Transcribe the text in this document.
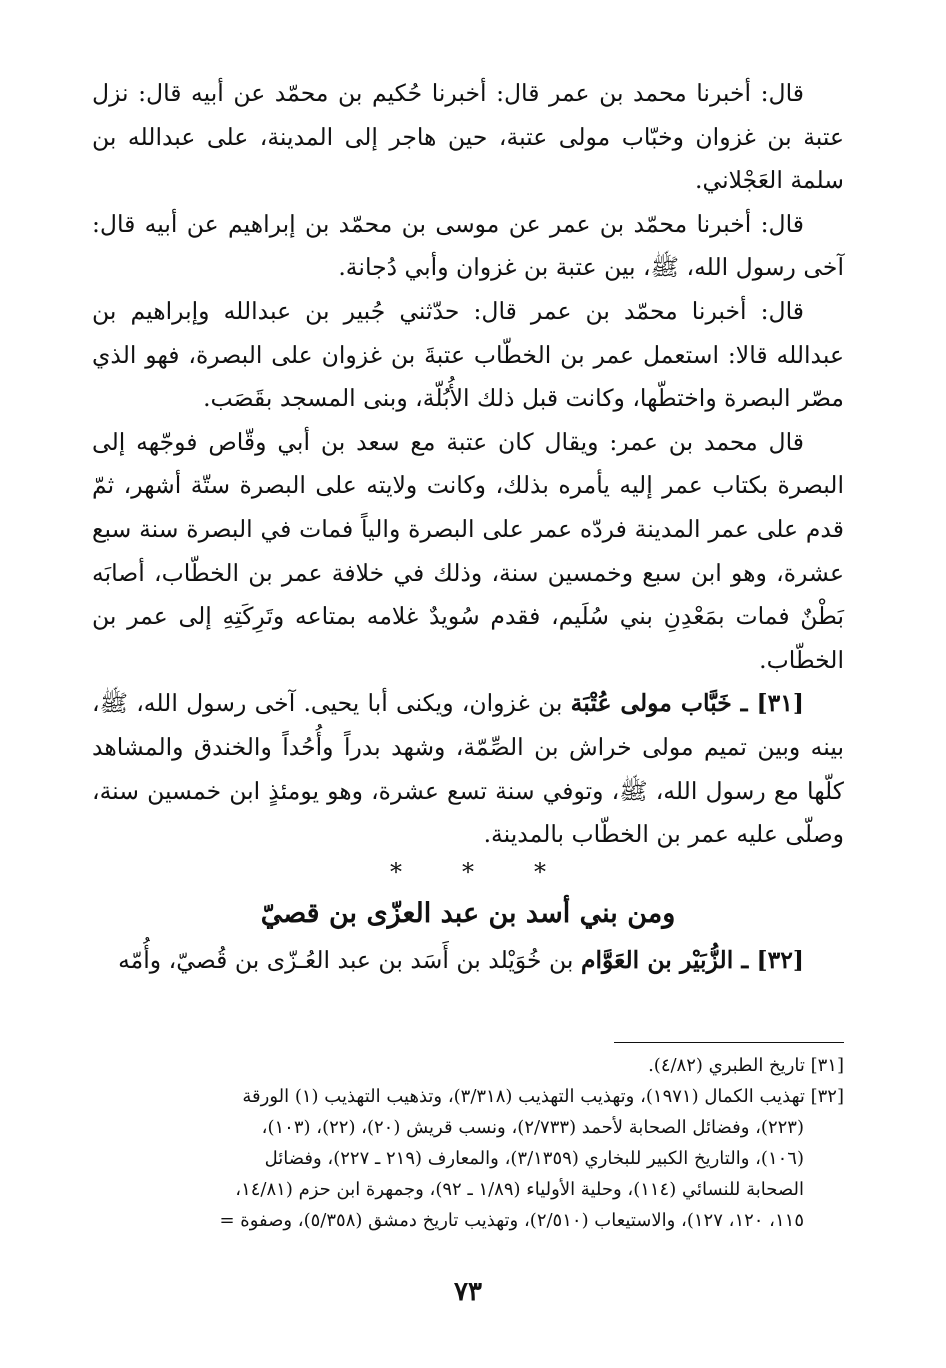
قال: أخبرنا محمد بن عمر قال: أخبرنا حُكيم بن محمّد عن أبيه قال: نزل عتبة بن غزوان وخبّاب مولى عتبة، حين هاجر إلى المدينة، على عبدالله بن سلمة العَجْلاني.

قال: أخبرنا محمّد بن عمر عن موسى بن محمّد بن إبراهيم عن أبيه قال: آخى رسول الله، ﷺ، بين عتبة بن غزوان وأبي دُجانة.

قال: أخبرنا محمّد بن عمر قال: حدّثني جُبير بن عبدالله وإبراهيم بن عبدالله قالا: استعمل عمر بن الخطّاب عتبةَ بن غزوان على البصرة، فهو الذي مصّر البصرة واختطّها، وكانت قبل ذلك الأُبُلّة، وبنى المسجد بقَصَب.

قال محمد بن عمر: ويقال كان عتبة مع سعد بن أبي وقّاص فوجّهه إلى البصرة بكتاب عمر إليه يأمره بذلك، وكانت ولايته على البصرة ستّة أشهر، ثمّ قدم على عمر المدينة فردّه عمر على البصرة والياً فمات في البصرة سنة سبع عشرة، وهو ابن سبع وخمسين سنة، وذلك في خلافة عمر بن الخطّاب، أصابَه بَطْنٌ فمات بمَعْدِنِ بني سُلَيم، فقدم سُويدٌ غلامه بمتاعه وتَرِكَتِهِ إلى عمر بن الخطّاب.

[٣١] ـ خَبَّاب مولى عُتْبَة بن غزوان، ويكنى أبا يحيى. آخى رسول الله، ﷺ، بينه وبين تميم مولى خراش بن الصِّمّة، وشهد بدراً وأُحُداً والخندق والمشاهد كلّها مع رسول الله، ﷺ، وتوفي سنة تسع عشرة، وهو يومئذٍ ابن خمسين سنة، وصلّى عليه عمر بن الخطّاب بالمدينة.

*
*
*
ومن بني أسد بن عبد العزّى بن قصيّ

[٣٢] ـ الزُّبَيْر بن العَوَّام بن خُوَيْلد بن أَسَد بن عبد العُـزّى بن قُصيّ، وأُمّه

[٣١] تاريخ الطبري (٤/٨٢).

[٣٢] تهذيب الكمال (١٩٧١)، وتهذيب التهذيب (٣/٣١٨)، وتذهيب التهذيب (١) الورقة

(٢٢٣)، وفضائل الصحابة لأحمد (٢/٧٣٣)، ونسب قريش (٢٠)، (٢٢)، (١٠٣)،

(١٠٦)، والتاريخ الكبير للبخاري (٣/١٣٥٩)، والمعارف (٢١٩ ـ ٢٢٧)، وفضائل

الصحابة للنسائي (١١٤)، وحلية الأولياء (١/٨٩ ـ ٩٢)، وجمهرة ابن حزم (١٤/٨١،

١١٥، ١٢٠، ١٢٧)، والاستيعاب (٢/٥١٠)، وتهذيب تاريخ دمشق (٥/٣٥٨)، وصفوة =

٧٣
